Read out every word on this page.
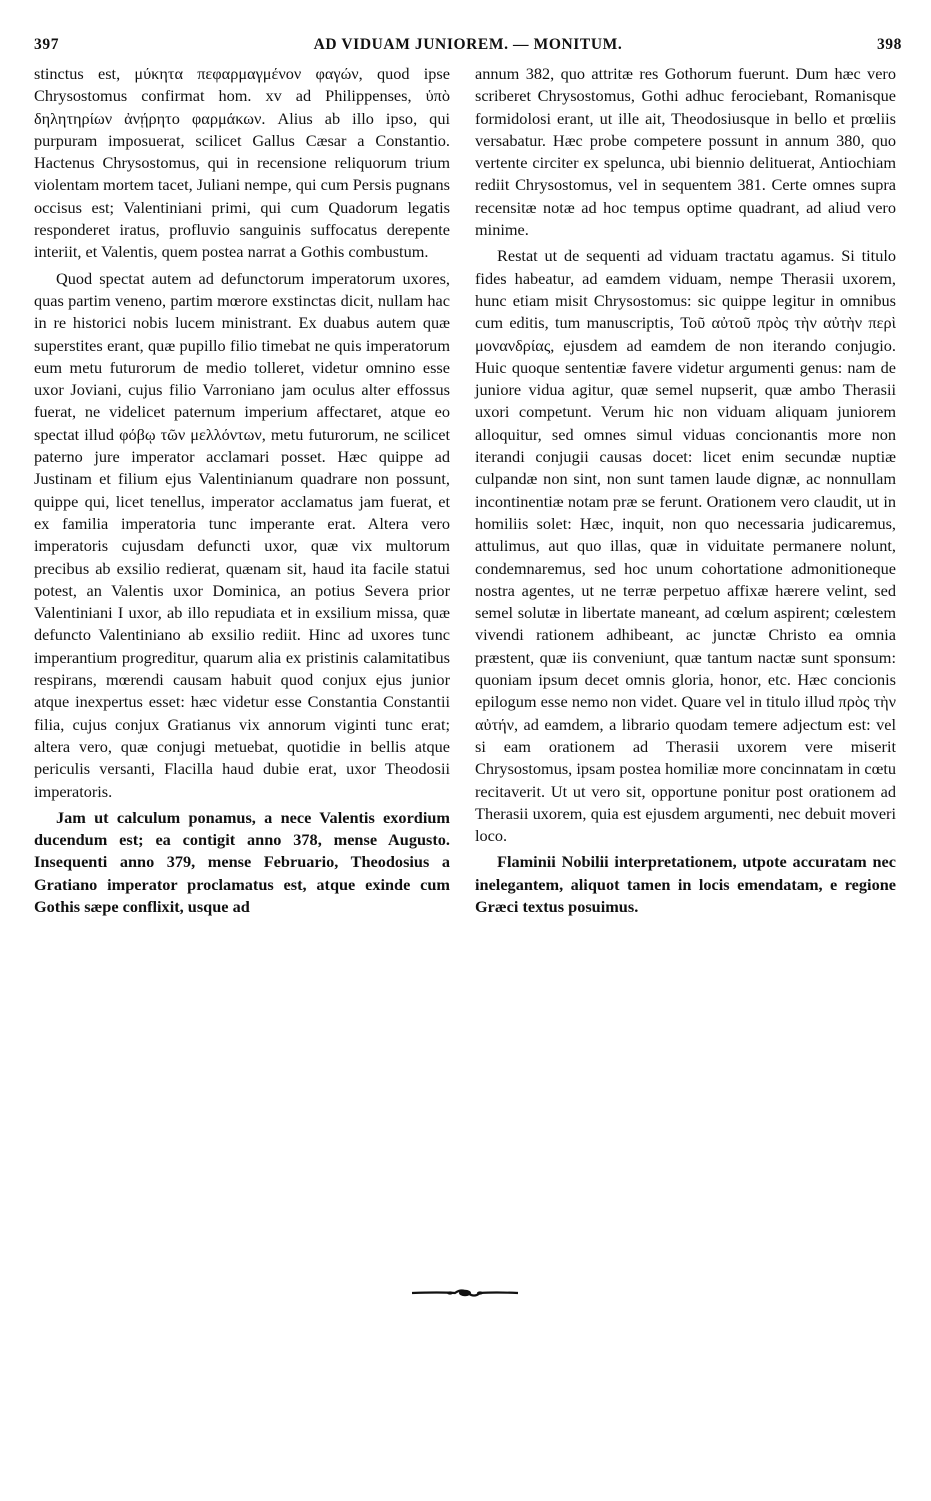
397	AD VIDUAM JUNIOREM. — MONITUM.	398

stinctus est, μύκητα πεφαρμαγμένον φαγών, quod ipse Chrysostomus confirmat hom. xv ad Philippenses, ὑπὸ δηλητηρίων ἀνῄρητο φαρμάκων. Alius ab illo ipso, qui purpuram imposuerat, scilicet Gallus Cæsar a Constantio. Hactenus Chrysostomus, qui in recensione reliquorum trium violentam mortem tacet, Juliani nempe, qui cum Persis pugnans occisus est; Valentiniani primi, qui cum Quadorum legatis responderet iratus, profluvio sanguinis suffocatus derepente interiit, et Valentis, quem postea narrat a Gothis combustum.

Quod spectat autem ad defunctorum imperatorum uxores, quas partim veneno, partim mœrore exstinctas dicit, nullam hac in re historici nobis lucem ministrant. Ex duabus autem quæ superstites erant, quæ pupillo filio timebat ne quis imperatorum eum metu futurorum de medio tolleret, videtur omnino esse uxor Joviani, cujus filio Varroniano jam oculus alter effossus fuerat, ne videlicet paternum imperium affectaret, atque eo spectat illud φόβῳ τῶν μελλόντων, metu futurorum, ne scilicet paterno jure imperator acclamari posset. Hæc quippe ad Justinam et filium ejus Valentinianum quadrare non possunt, quippe qui, licet tenellus, imperator acclamatus jam fuerat, et ex familia imperatoria tunc imperante erat. Altera vero imperatoris cujusdam defuncti uxor, quæ vix multorum precibus ab exsilio redierat, quænam sit, haud ita facile statui potest, an Valentis uxor Dominica, an potius Severa prior Valentiniani I uxor, ab illo repudiata et in exsilium missa, quæ defuncto Valentiniano ab exsilio rediit. Hinc ad uxores tunc imperantium progreditur, quarum alia ex pristinis calamitatibus respirans, mœrendi causam habuit quod conjux ejus junior atque inexpertus esset: hæc videtur esse Constantia Constantii filia, cujus conjux Gratianus vix annorum viginti tunc erat; altera vero, quæ conjugi metuebat, quotidie in bellis atque periculis versanti, Flacilla haud dubie erat, uxor Theodosii imperatoris.

Jam ut calculum ponamus, a nece Valentis exordium ducendum est; ea contigit anno 378, mense Augusto. Insequenti anno 379, mense Februario, Theodosius a Gratiano imperator proclamatus est, atque exinde cum Gothis sæpe conflixit, usque ad

annum 382, quo attritæ res Gothorum fuerunt. Dum hæc vero scriberet Chrysostomus, Gothi adhuc ferociebant, Romanisque formidolosi erant, ut ille ait, Theodosiusque in bello et prœliis versabatur. Hæc probe competere possunt in annum 380, quo vertente circiter ex spelunca, ubi biennio delituerat, Antiochiam rediit Chrysostomus, vel in sequentem 381. Certe omnes supra recensitæ notæ ad hoc tempus optime quadrant, ad aliud vero minime.

Restat ut de sequenti ad viduam tractatu agamus. Si titulo fides habeatur, ad eamdem viduam, nempe Therasii uxorem, hunc etiam misit Chrysostomus: sic quippe legitur in omnibus cum editis, tum manuscriptis, Τοῦ αὐτοῦ πρὸς τὴν αὐτὴν περὶ μονανδρίας, ejusdem ad eamdem de non iterando conjugio. Huic quoque sententiæ favere videtur argumenti genus: nam de juniore vidua agitur, quæ semel nupserit, quæ ambo Therasii uxori competunt. Verum hic non viduam aliquam juniorem alloquitur, sed omnes simul viduas concionantis more non iterandi conjugii causas docet: licet enim secundæ nuptiæ culpandæ non sint, non sunt tamen laude dignæ, ac nonnullam incontinentiæ notam præ se ferunt. Orationem vero claudit, ut in homiliis solet: Hæc, inquit, non quo necessaria judicaremus, attulimus, aut quo illas, quæ in viduitate permanere nolunt, condemnaremus, sed hoc unum cohortatione admonitioneque nostra agentes, ut ne terræ perpetuo affixæ hærere velint, sed semel solutæ in libertate maneant, ad cœlum aspirent; cœlestem vivendi rationem adhibeant, ac junctæ Christo ea omnia præstent, quæ iis conveniunt, quæ tantum nactæ sunt sponsum: quoniam ipsum decet omnis gloria, honor, etc. Hæc concionis epilogum esse nemo non videt. Quare vel in titulo illud πρὸς τὴν αὐτήν, ad eamdem, a librario quodam temere adjectum est: vel si eam orationem ad Therasii uxorem vere miserit Chrysostomus, ipsam postea homiliæ more concinnatam in cœtu recitaverit. Ut ut vero sit, opportune ponitur post orationem ad Therasii uxorem, quia est ejusdem argumenti, nec debuit moveri loco.

Flaminii Nobilii interpretationem, utpote accuratam nec inelegantem, aliquot tamen in locis emendatam, e regione Græci textus posuimus.
